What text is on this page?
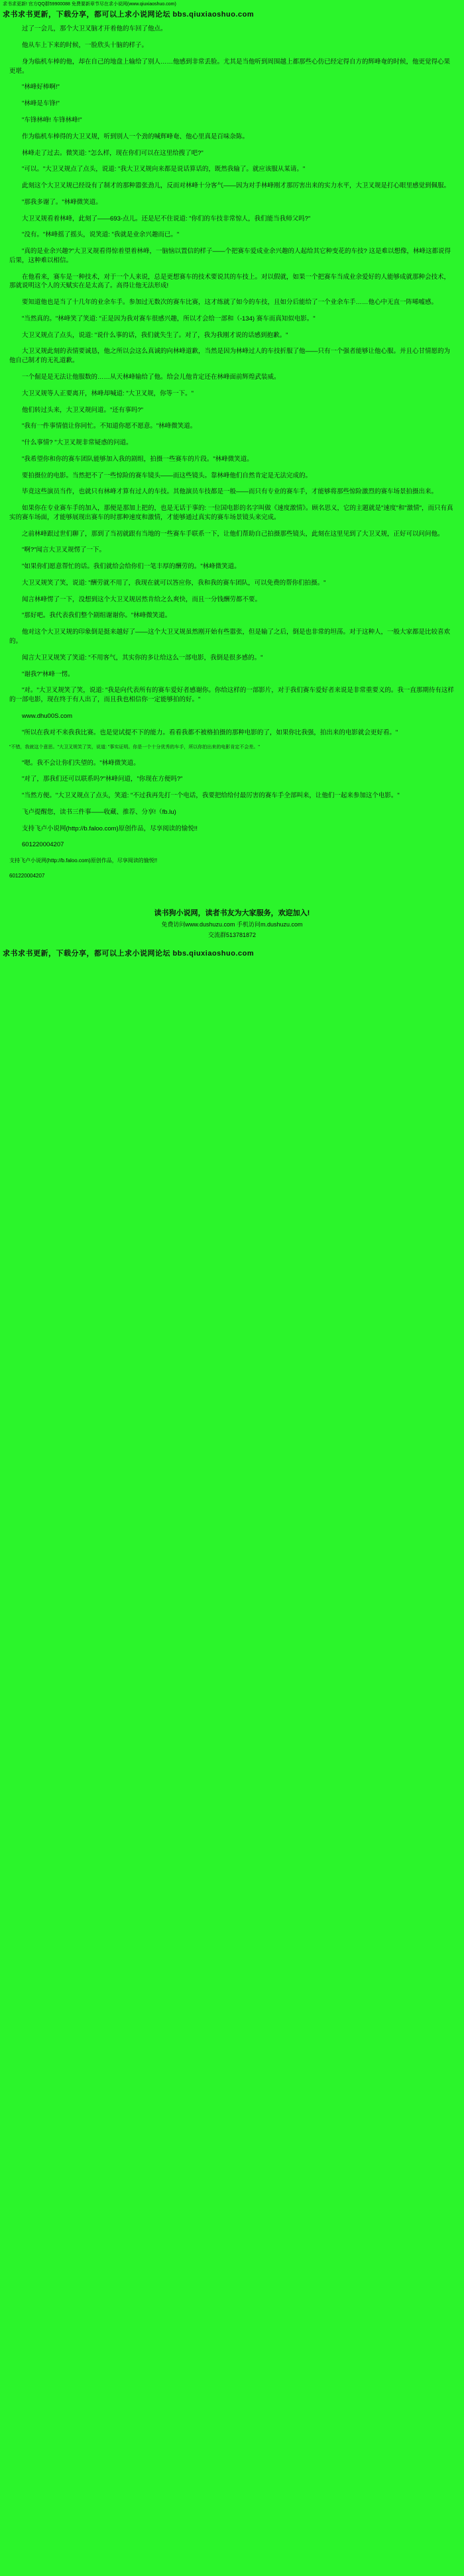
求书求更新! 官方QQ群59900088 免费要新章节尽在求小说网(www.qiuxiaoshuo.com)
求书求书更新，下载分享，都可以上求小说网论坛 bbs.qiuxiaoshuo.com

过了一会儿，那个大卫叉脑才开着他的车回了他点。

他从车上下来的时候，一脸欣头十脑的样子。

身为临机车棒的他，却在自己的地盘上输给了别人……他感到非常丢脸。尤其是当他听到周围越上都那些心仿已经定得自方的辉峰奄的时候，他更觉得心果更堪。

"林峰好棒啊!"

"林峰是车锋!"

"车锋林峰! 车锋林峰!"

作为临机车棒得的大卫叉规，听到别人一个劲的喊辉峰奄、他心里真是百味杂陈。

林峰走了过去。微笑道: "怎么样，现在你们可以在这里给搜了吧?"

"可以。"大卫叉规点了点头，说道: "我大卫叉规向来都是说话算话的，既然我输了。就应该服从某请。"

此刻这个大卫叉规已经设有了制才的那种嚣张劲儿，反而对林峰十分客气——因为对手林峰刚才那厉害出来的实力水平，大卫叉规是打心眼里感觉到佩服。

"那我多谢了。"林峰微笑道。

大卫叉规看着林峰，此刻了——693-点儿。还是尼不住说道: "你们的车技非常惊人，我们能当我师父吗?"

"没有。"林峰摇了摇头，说笑道: "我就是业余兴趣而已。"

"真的是业余兴趣?"大卫叉规看得惊着望着林峰，一脑恼以置信的样子——个把赛车爱成业余兴趣的人起给其它种变花的车技? 这是难以想像，林峰这都说得后果，这种难以相信。

在他看来，赛车是一种技术，对于一个人来说，总是更想赛车的技术要说其的车技上。对以假就，如果一个把赛车当成业余爱好的人能够成就那种会技术，那就说明这个人的天赋实在是太高了。高得让他无法形成!

要知道他也是当了十几年的业余车手。参加过无数次的赛车比赛，这才练就了如今的车技，且如分后能给了一个业余车手……他心中无直一阵唏嘘感。

"当然真的。"林峰笑了笑道: "正是因为我对赛车很感兴趣，所以才会给一部和（-134) 赛车而真知似电影。"

大卫叉规点了点头，说道: "说什么事的话，我们就失生了。对了，我为我刚才说的话感到抱歉。"

大卫叉规此刻的表情要诚恳，他之所以会这么真诚的向林峰道歉，当然是因为林峰过人的车技折服了他——只有一个强者能够让他心服。并且心甘情愿的为他自己制才的无礼道歉。

一个倔是是无法让他服数的……从天林峰输给了他。给会儿他肯定还在林峰面前辉煌武装威。

大卫叉规等人正要离开，林峰却喊道: "大卫叉规，你等一下。"

他们转过头来，大卫叉规问道。"还有事吗?"

"我有一件事情值让你同忙。不知道你愿不愿意。"林峰微笑道。

"什么事情? "大卫叉规非常疑惑的问道。

"我希望你和你的赛车团队能够加入我的剧组，拍摄一些赛车的片段。"林峰微笑道。

要拍摄位的电影。当然把不了一些惊险的赛车镜头——而这些镜头。靠林峰他们自然肯定是无法完成的。

毕竟这些演员当作，也就只有林峰才算有过人的车技。其他演员车技都是一般——而只有专业的赛车手，才能够将那些惊险激烈的赛车场景拍摄出来。

如果你在专业赛车手的加入，那便是那加上把的，也是无话于事的: 一位国电影的名字叫做《速度激情》。顾名思义，它的主题就是"速度"和"激情"，而只有真实的赛车场面，才能够展现出赛车的时那种速度和激情，才能够通过真实的赛车场景镜头来完成。

之前林峰跟过世们聊了，那到了当初就跟有当地的一些赛车手联系一下，让他们帮助自己拍摄那些镜头，此刻在这里见到了大卫叉规，正好可以问问他。

"啊?"闻言大卫叉规愣了一下。

"如果你们愿意帮忙的话。我们就给会给你们一笔丰厚的酬劳的。"林峰微笑道。

大卫叉规笑了笑，说道: "酬劳就不用了，我现在就可以答应你，我和我的赛车团队，可以免费的帮你们拍摄。"

闻言林峰愣了一下，没想到这个大卫叉规居然肯给之么爽快，而且一分钱酬劳都不要。

"那好吧。我代表我们整个剧组谢谢你。"林峰微笑道。

他对这个大卫叉规的印象倒是挺来越好了——这个大卫叉规虽然刚开始有些嚣张，但是输了之后，倒是也非常的坦荡。对于这种人，一般大家都是比较喜欢的。

闻言大卫叉规笑了笑道: "不用客气，其实你的多让给这么一部电影，我倒是很多感的。"

"谢我?"林峰一愣。

"对。"大卫叉规笑了笑，说道: "我是向代表所有的赛车爱好者感谢你。你给这样的一部影片，对于我们赛车爱好者来说是非常重要义的。我一直那期待有这样的一部电影，现在终于有人出了，而且我也相信你一定能够拍的好。"

www.dhu00S.com

"所以在我对不来我我比赛。也是觉试提不下的能力。看看我都不被格拍摄的那种电影的了，如果你比我强，拍出来的电影就会更好看。"

"不错，我就这个意思。"大卫叉规笑了笑，说道: "事实证明。你是一个十分优秀的车手，所以你拍出来的电影肯定不会差。"

"嗯。我不会让你们失望的。"林峰微笑道。

"对了，那我们还可以联系吗?"林峰问道，"你现在方便吗?"

"当然方便。"大卫叉规点了点头，笑道: "不过我再先打一个电话，我要把给给付最厉害的赛车手全部叫来，让他们一起来参加这个电影。"

飞卢提醒您，读书三件事——收藏、推荐、分享!（fb.lu)

支持飞卢小说网(http://b.faloo.com)原创作品，尽享阅读的愉悦!!

601220004207

支持飞卢小说网(http://b.faloo.com)原创作品，尽享阅读的愉悦!!

601220004207

读书狗小说网，读者书友为大家服务，欢迎加入!
免费访问www.dushuzu.com 手机访问m.dushuzu.com
交流群513781872
求书求书更新，下载分享，都可以上求小说网论坛 bbs.qiuxiaoshuo.com
